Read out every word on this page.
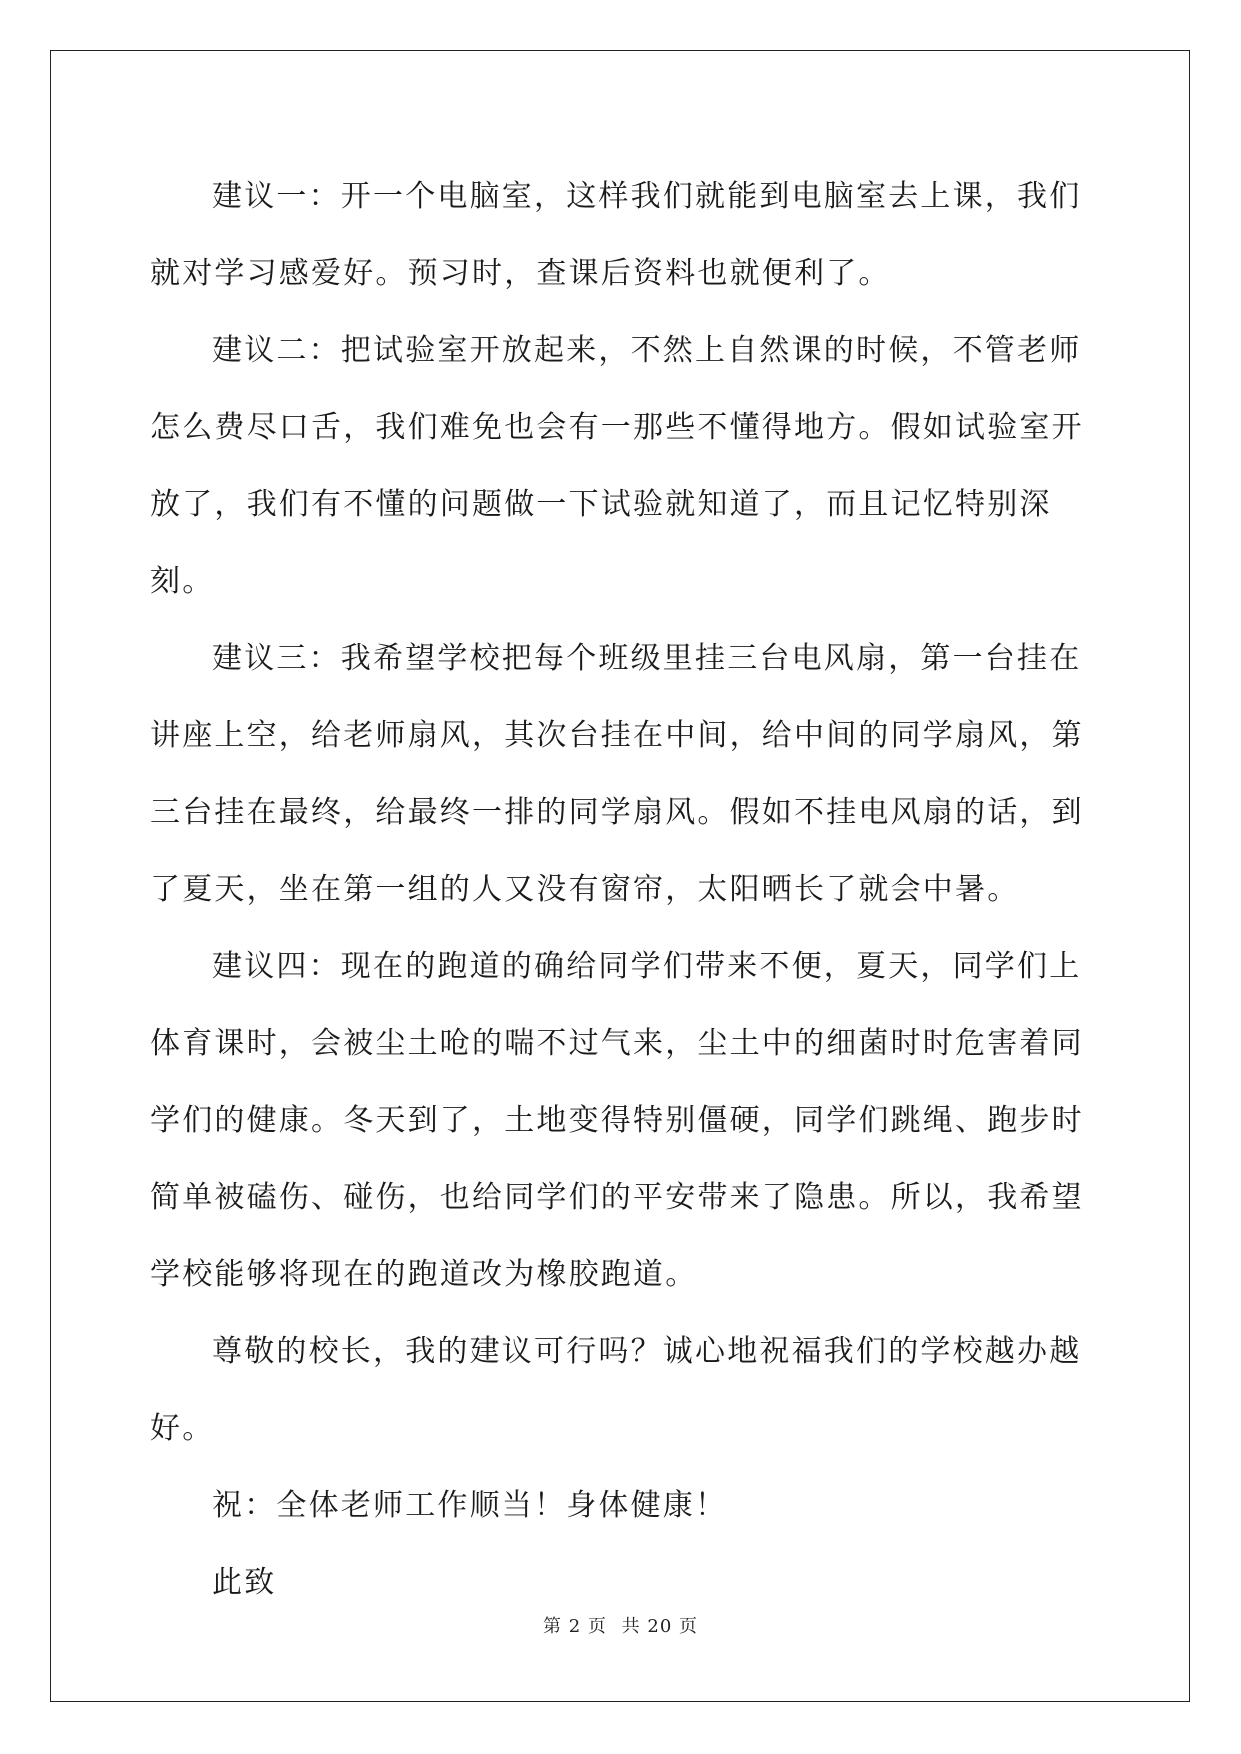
建议一：开一个电脑室，这样我们就能到电脑室去上课，我们就对学习感爱好。预习时，查课后资料也就便利了。

建议二：把试验室开放起来，不然上自然课的时候，不管老师怎么费尽口舌，我们难免也会有一那些不懂得地方。假如试验室开放了，我们有不懂的问题做一下试验就知道了，而且记忆特别深刻。

建议三：我希望学校把每个班级里挂三台电风扇，第一台挂在讲座上空，给老师扇风，其次台挂在中间，给中间的同学扇风，第三台挂在最终，给最终一排的同学扇风。假如不挂电风扇的话，到了夏天，坐在第一组的人又没有窗帘，太阳晒长了就会中暑。

建议四：现在的跑道的确给同学们带来不便，夏天，同学们上体育课时，会被尘土呛的喘不过气来，尘土中的细菌时时危害着同学们的健康。冬天到了，土地变得特别僵硬，同学们跳绳、跑步时简单被磕伤、碰伤，也给同学们的平安带来了隐患。所以，我希望学校能够将现在的跑道改为橡胶跑道。

尊敬的校长，我的建议可行吗？诚心地祝福我们的学校越办越好。

祝：全体老师工作顺当！身体健康！

此致

第 2 页 共 20 页
